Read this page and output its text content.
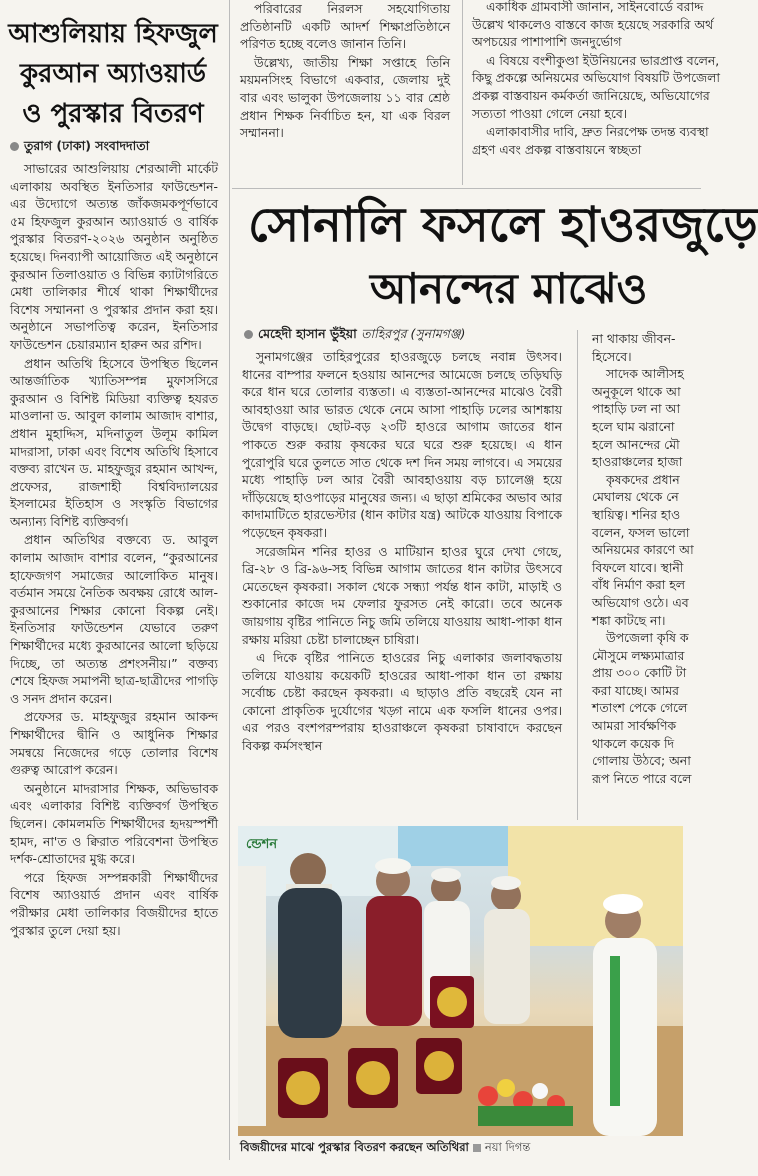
আশুলিয়ায় হিফজুল
কুরআন অ্যাওয়ার্ড
ও পুরস্কার বিতরণ
তুরাগ (ঢাকা) সংবাদদাতা

সাভারের আশুলিয়ায় শেরআলী মার্কেট এলাকায় অবস্থিত ইনতিসার ফাউন্ডেশন-এর উদ্যোগে অত্যন্ত জাঁকজমকপূর্ণভাবে ৫ম হিফজুল কুরআন অ্যাওয়ার্ড ও বার্ষিক পুরস্কার বিতরণ-২০২৬ অনুষ্ঠান অনুষ্ঠিত হয়েছে। দিনব্যাপী আয়োজিত এই অনুষ্ঠানে কুরআন তিলাওয়াত ও বিভিন্ন ক্যাটাগরিতে মেধা তালিকার শীর্ষে থাকা শিক্ষার্থীদের বিশেষ সম্মাননা ও পুরস্কার প্রদান করা হয়। অনুষ্ঠানে সভাপতিত্ব করেন, ইনতিসার ফাউন্ডেশন চেয়ারম্যান হারুন অর রশিদ।

প্রধান অতিথি হিসেবে উপস্থিত ছিলেন আন্তর্জাতিক খ্যাতিসম্পন্ন মুফাসসিরে কুরআন ও বিশিষ্ট মিডিয়া ব্যক্তিত্ব হযরত মাওলানা ড. আবুল কালাম আজাদ বাশার, প্রধান মুহাদ্দিস, মদিনাতুল উলূম কামিল মাদরাসা, ঢাকা এবং বিশেষ অতিথি হিসাবে বক্তব্য রাখেন ড. মাহফুজুর রহমান আখন্দ, প্রফেসর, রাজশাহী বিশ্ববিদ্যালয়ের ইসলামের ইতিহাস ও সংস্কৃতি বিভাগের অন্যান্য বিশিষ্ট ব্যক্তিবর্গ।

প্রধান অতিথির বক্তব্যে ড. আবুল কালাম আজাদ বাশার বলেন, “কুরআনের হাফেজগণ সমাজের আলোকিত মানুষ। বর্তমান সময়ে নৈতিক অবক্ষয় রোধে আল-কুরআনের শিক্ষার কোনো বিকল্প নেই। ইনতিসার ফাউন্ডেশন যেভাবে তরুণ শিক্ষার্থীদের মধ্যে কুরআনের আলো ছড়িয়ে দিচ্ছে, তা অত্যন্ত প্রশংসনীয়।” বক্তব্য শেষে হিফজ সমাপনী ছাত্র-ছাত্রীদের পাগড়ি ও সনদ প্রদান করেন।

প্রফেসর ড. মাহফুজুর রহমান আকন্দ শিক্ষার্থীদের দ্বীনি ও আধুনিক শিক্ষার সমন্বয়ে নিজেদের গড়ে তোলার বিশেষ গুরুত্ব আরোপ করেন।

অনুষ্ঠানে মাদরাসার শিক্ষক, অভিভাবক এবং এলাকার বিশিষ্ট ব্যক্তিবর্গ উপস্থিত ছিলেন। কোমলমতি শিক্ষার্থীদের হৃদয়স্পর্শী হামদ, না'ত ও ক্বিরাত পরিবেশনা উপস্থিত দর্শক-শ্রোতাদের মুগ্ধ করে।

পরে হিফজ সম্পন্নকারী শিক্ষার্থীদের বিশেষ অ্যাওয়ার্ড প্রদান এবং বার্ষিক পরীক্ষার মেধা তালিকার বিজয়ীদের হাতে পুরস্কার তুলে দেয়া হয়।

পরিবারের নিরলস সহযোগিতায় প্রতিষ্ঠানটি একটি আদর্শ শিক্ষাপ্রতিষ্ঠানে পরিণত হচ্ছে বলেও জানান তিনি।

উল্লেখ্য, জাতীয় শিক্ষা সপ্তাহে তিনি ময়মনসিংহ বিভাগে একবার, জেলায় দুই বার এবং ভালুকা উপজেলায় ১১ বার শ্রেষ্ঠ প্রধান শিক্ষক নির্বাচিত হন, যা এক বিরল সম্মাননা।

একাধিক গ্রামবাসী জানান, সাইনবোর্ডে বরাদ্দ উল্লেখ থাকলেও বাস্তবে কাজ হয়েছে সরকারি অর্থ অপচয়ের পাশাপাশি জনদুর্ভোগ

এ বিষয়ে বংশীকুণ্ডা ইউনিয়নের ভারপ্রাপ্ত বলেন, কিছু প্রকল্পে অনিয়মের অভিযোগ বিষয়টি উপজেলা প্রকল্প বাস্তবায়ন কর্মকর্তা জানিয়েছে, অভিযোগের সত্যতা পাওয়া গেলে নেয়া হবে।

এলাকাবাসীর দাবি, দ্রুত নিরপেক্ষ তদন্ত ব্যবস্থা গ্রহণ এবং প্রকল্প বাস্তবায়নে স্বচ্ছতা

সোনালি ফসলে হাওরজুড়ে
আনন্দের মাঝেও
মেহেদী হাসান ভুঁইয়া তাহিরপুর (সুনামগঞ্জ)

সুনামগঞ্জের তাহিরপুরের হাওরজুড়ে চলছে নবান্ন উৎসব। ধানের বাম্পার ফলনে হওয়ায় আনন্দের আমেজে চলছে তড়িঘড়ি করে ধান ঘরে তোলার ব্যস্ততা। এ ব্যস্ততা-আনন্দের মাঝেও বৈরী আবহাওয়া আর ভারত থেকে নেমে আসা পাহাড়ি ঢলের আশঙ্কায় উদ্বেগ বাড়ছে। ছোট-বড় ২৩টি হাওরে আগাম জাতের ধান পাকতে শুরু করায় কৃষকের ঘরে ঘরে শুরু হয়েছে। এ ধান পুরোপুরি ঘরে তুলতে সাত থেকে দশ দিন সময় লাগবে। এ সময়ের মধ্যে পাহাড়ি ঢল আর বৈরী আবহাওয়ায় বড় চ্যালেঞ্জ হয়ে দাঁড়িয়েছে হাওপাড়ের মানুষের জন্য। এ ছাড়া শ্রমিকের অভাব আর কাদামাটিতে হারভেস্টার (ধান কাটার যন্ত্র) আটকে যাওয়ায় বিপাকে পড়েছেন কৃষকরা।

সরেজমিন শনির হাওর ও মাটিয়ান হাওর ঘুরে দেখা গেছে, ব্রি-২৮ ও ব্রি-৯৬-সহ বিভিন্ন আগাম জাতের ধান কাটার উৎসবে মেতেছেন কৃষকরা। সকাল থেকে সন্ধ্যা পর্যন্ত ধান কাটা, মাড়াই ও শুকানোর কাজে দম ফেলার ফুরসত নেই কারো। তবে অনেক জায়গায় বৃষ্টির পানিতে নিচু জমি তলিয়ে যাওয়ায় আধা-পাকা ধান রক্ষায় মরিয়া চেষ্টা চালাচ্ছেন চাষিরা।

এ দিকে বৃষ্টির পানিতে হাওরের নিচু এলাকার জলাবদ্ধতায় তলিয়ে যাওয়ায় কয়েকটি হাওরের আধা-পাকা ধান তা রক্ষায় সর্বোচ্চ চেষ্টা করছেন কৃষকরা। এ ছাড়াও প্রতি বছরেই যেন না কোনো প্রাকৃতিক দুর্যোগের খড়্গ নামে এক ফসলি ধানের ওপর। এর পরও বংশপরম্পরায় হাওরাঞ্চলে কৃষকরা চাষাবাদে করছেন বিকল্প কর্মসংস্থান

না থাকায় জীবন-
হিসেবে।
সাদেক আলীসহ
অনুকূলে থাকে আ
পাহাড়ি ঢল না আ
হলে ঘাম ঝরানো
হলে আনন্দের মৌ
হাওরাঞ্চলের হাজা
কৃষকদের প্রধান
মেঘালয় থেকে নে
স্থায়িত্ব। শনির হাও
বলেন, ফসল ভালো
অনিয়মের কারণে আ
বিফলে যাবে। স্থানী
বাঁধ নির্মাণ করা হল
অভিযোগ ওঠে। এব
শঙ্কা কাটছে না।
উপজেলা কৃষি ক
মৌসুমে লক্ষ্যমাত্রার
প্রায় ৩০০ কোটি টা
করা যাচ্ছে। আমর
শতাংশ পেকে গেলে
আমরা সার্বক্ষণিক
থাকলে কয়েক দি
গোলায় উঠবে; অনা
রূপ নিতে পারে বলে
ন্ডেশন
বিজয়ীদের মাঝে পুরস্কার বিতরণ করছেন অতিথিরা নয়া দিগন্ত
